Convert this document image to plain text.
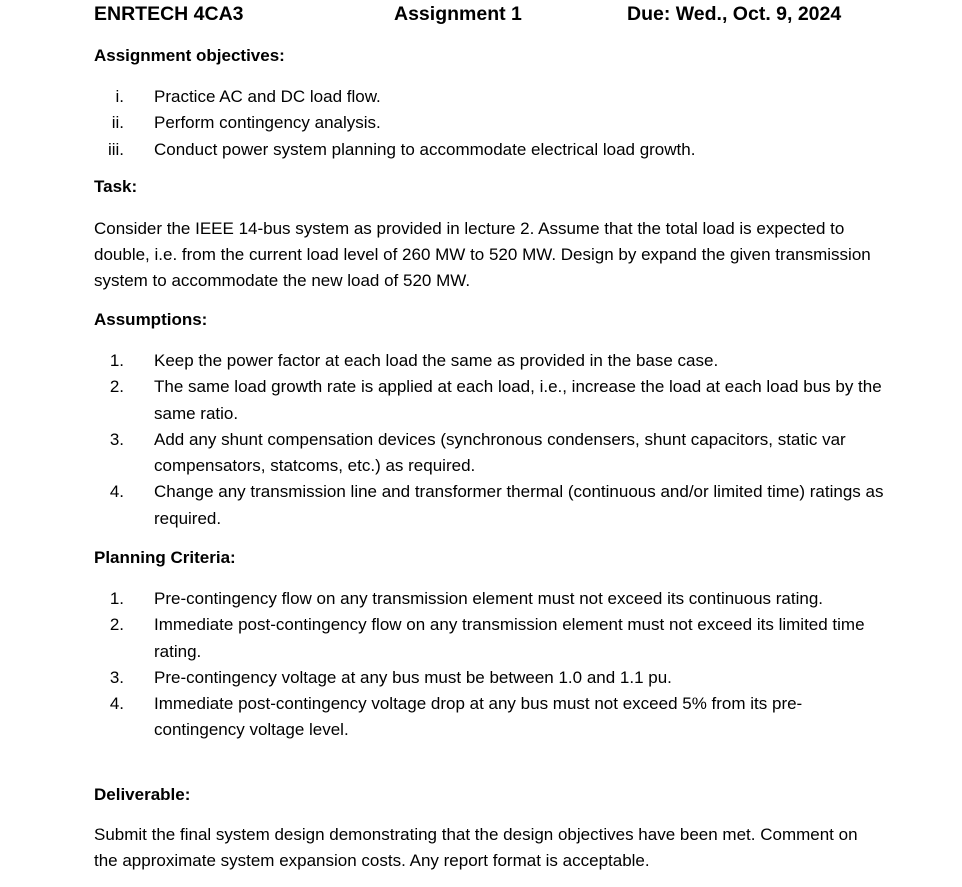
ENRTECH 4CA3	Assignment 1	Due: Wed., Oct. 9, 2024
Assignment objectives:
i. Practice AC and DC load flow.
ii. Perform contingency analysis.
iii. Conduct power system planning to accommodate electrical load growth.
Task:
Consider the IEEE 14-bus system as provided in lecture 2. Assume that the total load is expected to double, i.e. from the current load level of 260 MW to 520 MW. Design by expand the given transmission system to accommodate the new load of 520 MW.
Assumptions:
1. Keep the power factor at each load the same as provided in the base case.
2. The same load growth rate is applied at each load, i.e., increase the load at each load bus by the same ratio.
3. Add any shunt compensation devices (synchronous condensers, shunt capacitors, static var compensators, statcoms, etc.) as required.
4. Change any transmission line and transformer thermal (continuous and/or limited time) ratings as required.
Planning Criteria:
1. Pre-contingency flow on any transmission element must not exceed its continuous rating.
2. Immediate post-contingency flow on any transmission element must not exceed its limited time rating.
3. Pre-contingency voltage at any bus must be between 1.0 and 1.1 pu.
4. Immediate post-contingency voltage drop at any bus must not exceed 5% from its pre-contingency voltage level.
Deliverable:
Submit the final system design demonstrating that the design objectives have been met. Comment on the approximate system expansion costs. Any report format is acceptable.
